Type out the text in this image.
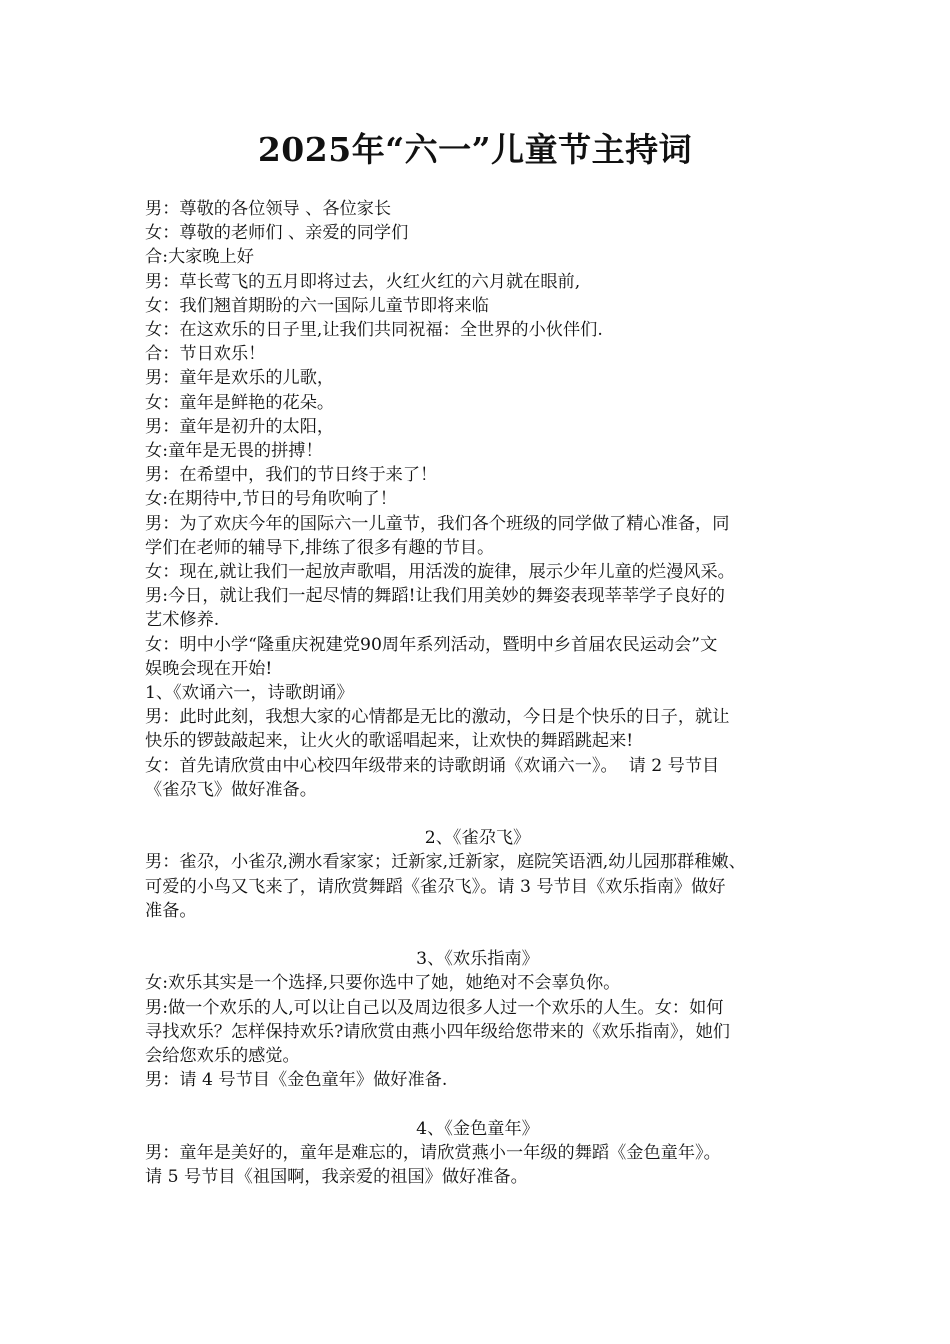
2025年“六一”儿童节主持词

男：尊敬的各位领导 、各位家长

女：尊敬的老师们 、亲爱的同学们

合:大家晚上好

男：草长莺飞的五月即将过去，火红火红的六月就在眼前,

女：我们翘首期盼的六一国际儿童节即将来临

女：在这欢乐的日子里,让我们共同祝福：全世界的小伙伴们.

合：节日欢乐！

男：童年是欢乐的儿歌，

女：童年是鲜艳的花朵。

男：童年是初升的太阳，

女:童年是无畏的拼搏！

男：在希望中，我们的节日终于来了！

女:在期待中,节日的号角吹响了！

男：为了欢庆今年的国际六一儿童节，我们各个班级的同学做了精心准备，同

学们在老师的辅导下,排练了很多有趣的节目。

女：现在,就让我们一起放声歌唱，用活泼的旋律，展示少年儿童的烂漫风采。

男:今日，就让我们一起尽情的舞蹈!让我们用美妙的舞姿表现莘莘学子良好的

艺术修养.

女：明中小学“隆重庆祝建党90周年系列活动，暨明中乡首届农民运动会”文

娱晚会现在开始!

1、《欢诵六一，诗歌朗诵》

男：此时此刻，我想大家的心情都是无比的激动，今日是个快乐的日子，就让

快乐的锣鼓敲起来，让火火的歌谣唱起来，让欢快的舞蹈跳起来!

女：首先请欣赏由中心校四年级带来的诗歌朗诵《欢诵六一》。  请 2 号节目

《雀尕飞》做好准备。

2、《雀尕飞》

男：雀尕，小雀尕,溯水看家家；迁新家,迁新家，庭院笑语洒,幼儿园那群稚嫩、

可爱的小鸟又飞来了，请欣赏舞蹈《雀尕飞》。请 3 号节目《欢乐指南》做好

准备。

3、《欢乐指南》

女:欢乐其实是一个选择,只要你选中了她，她绝对不会辜负你。

男:做一个欢乐的人,可以让自己以及周边很多人过一个欢乐的人生。女：如何

寻找欢乐？怎样保持欢乐?请欣赏由燕小四年级给您带来的《欢乐指南》，她们

会给您欢乐的感觉。

男：请 4 号节目《金色童年》做好准备.

4、《金色童年》

男：童年是美好的，童年是难忘的，请欣赏燕小一年级的舞蹈《金色童年》。

请 5 号节目《祖国啊，我亲爱的祖国》做好准备。
